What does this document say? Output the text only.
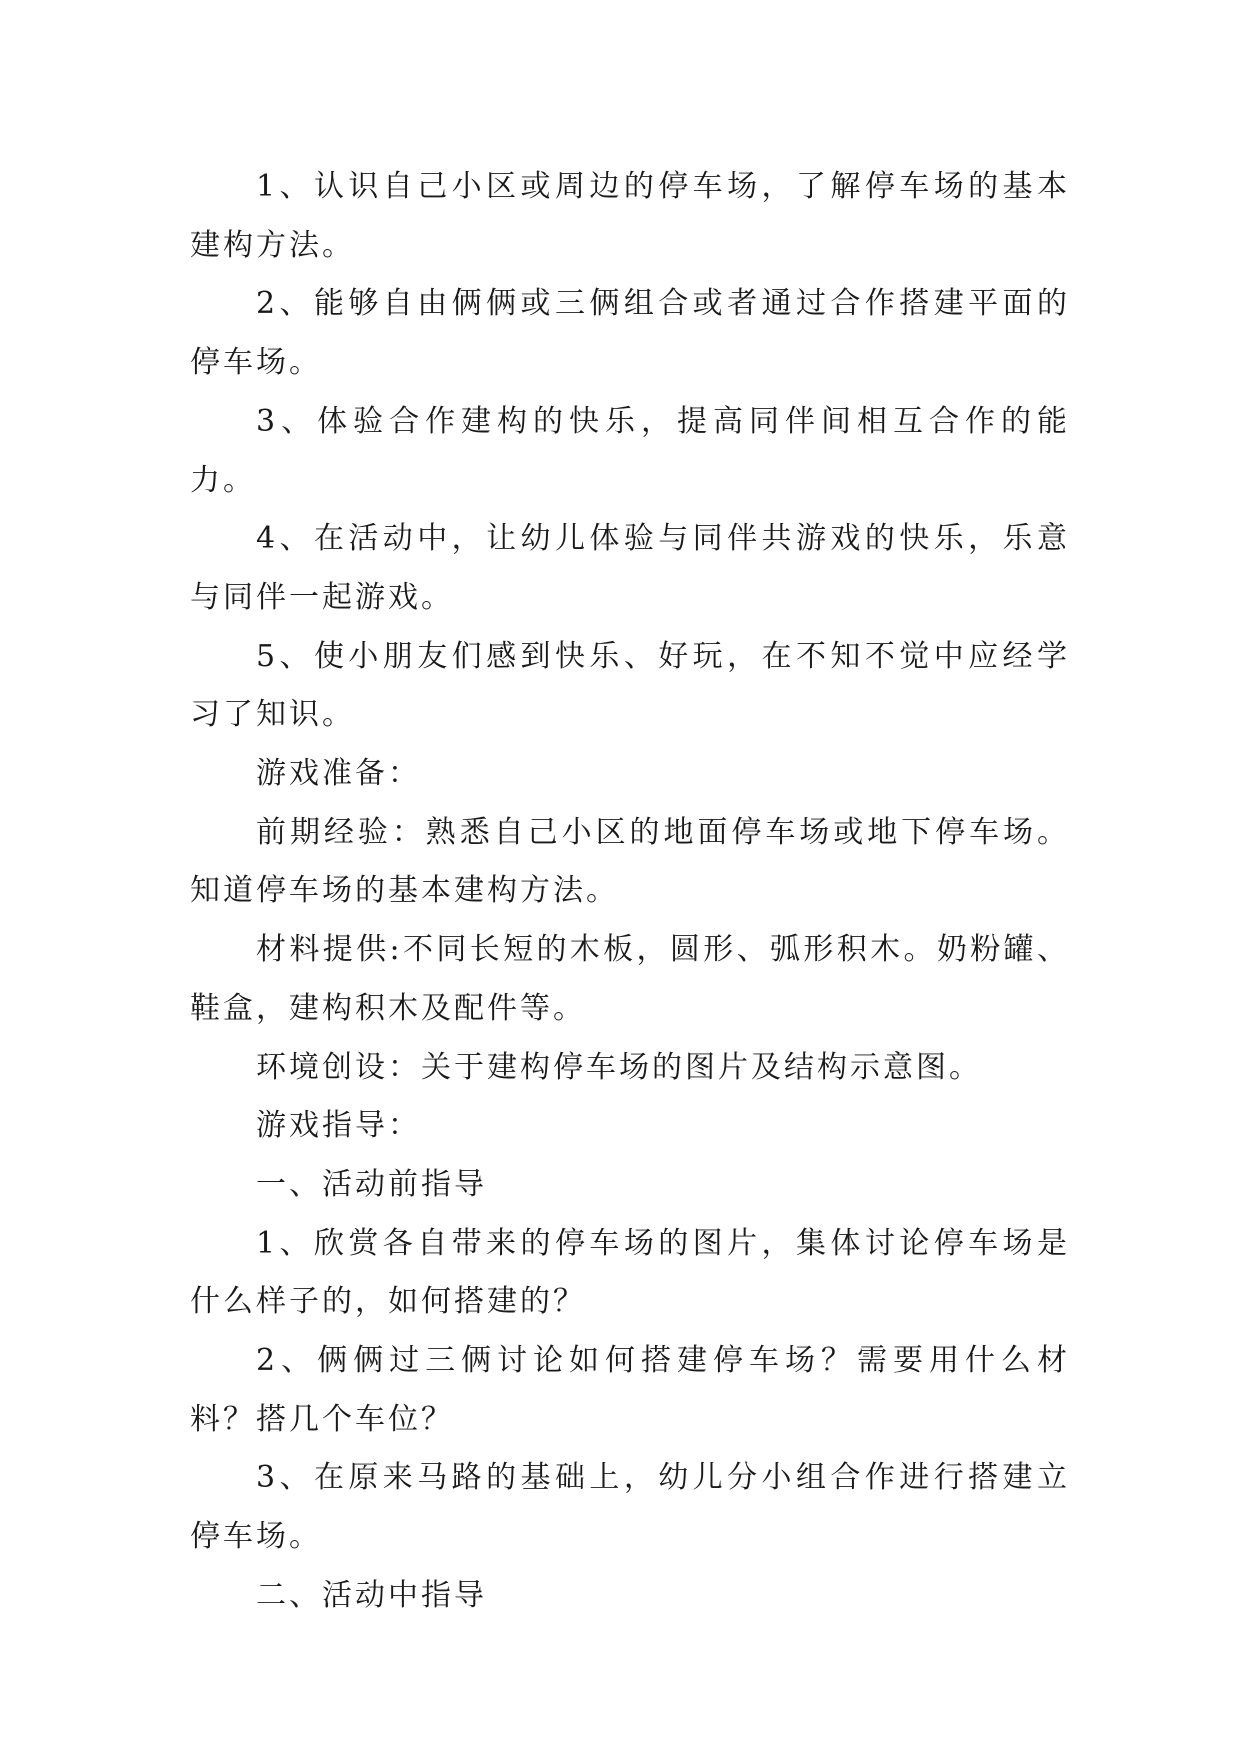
1、认识自己小区或周边的停车场，了解停车场的基本建构方法。

2、能够自由俩俩或三俩组合或者通过合作搭建平面的停车场。

3、体验合作建构的快乐，提高同伴间相互合作的能力。

4、在活动中，让幼儿体验与同伴共游戏的快乐，乐意与同伴一起游戏。

5、使小朋友们感到快乐、好玩，在不知不觉中应经学习了知识。

游戏准备：

前期经验：熟悉自己小区的地面停车场或地下停车场。知道停车场的基本建构方法。

材料提供:不同长短的木板，圆形、弧形积木。奶粉罐、鞋盒，建构积木及配件等。

环境创设：关于建构停车场的图片及结构示意图。

游戏指导：

一、活动前指导

1、欣赏各自带来的停车场的图片，集体讨论停车场是什么样子的，如何搭建的？

2、俩俩过三俩讨论如何搭建停车场？需要用什么材料？搭几个车位？

3、在原来马路的基础上，幼儿分小组合作进行搭建立停车场。

二、活动中指导
